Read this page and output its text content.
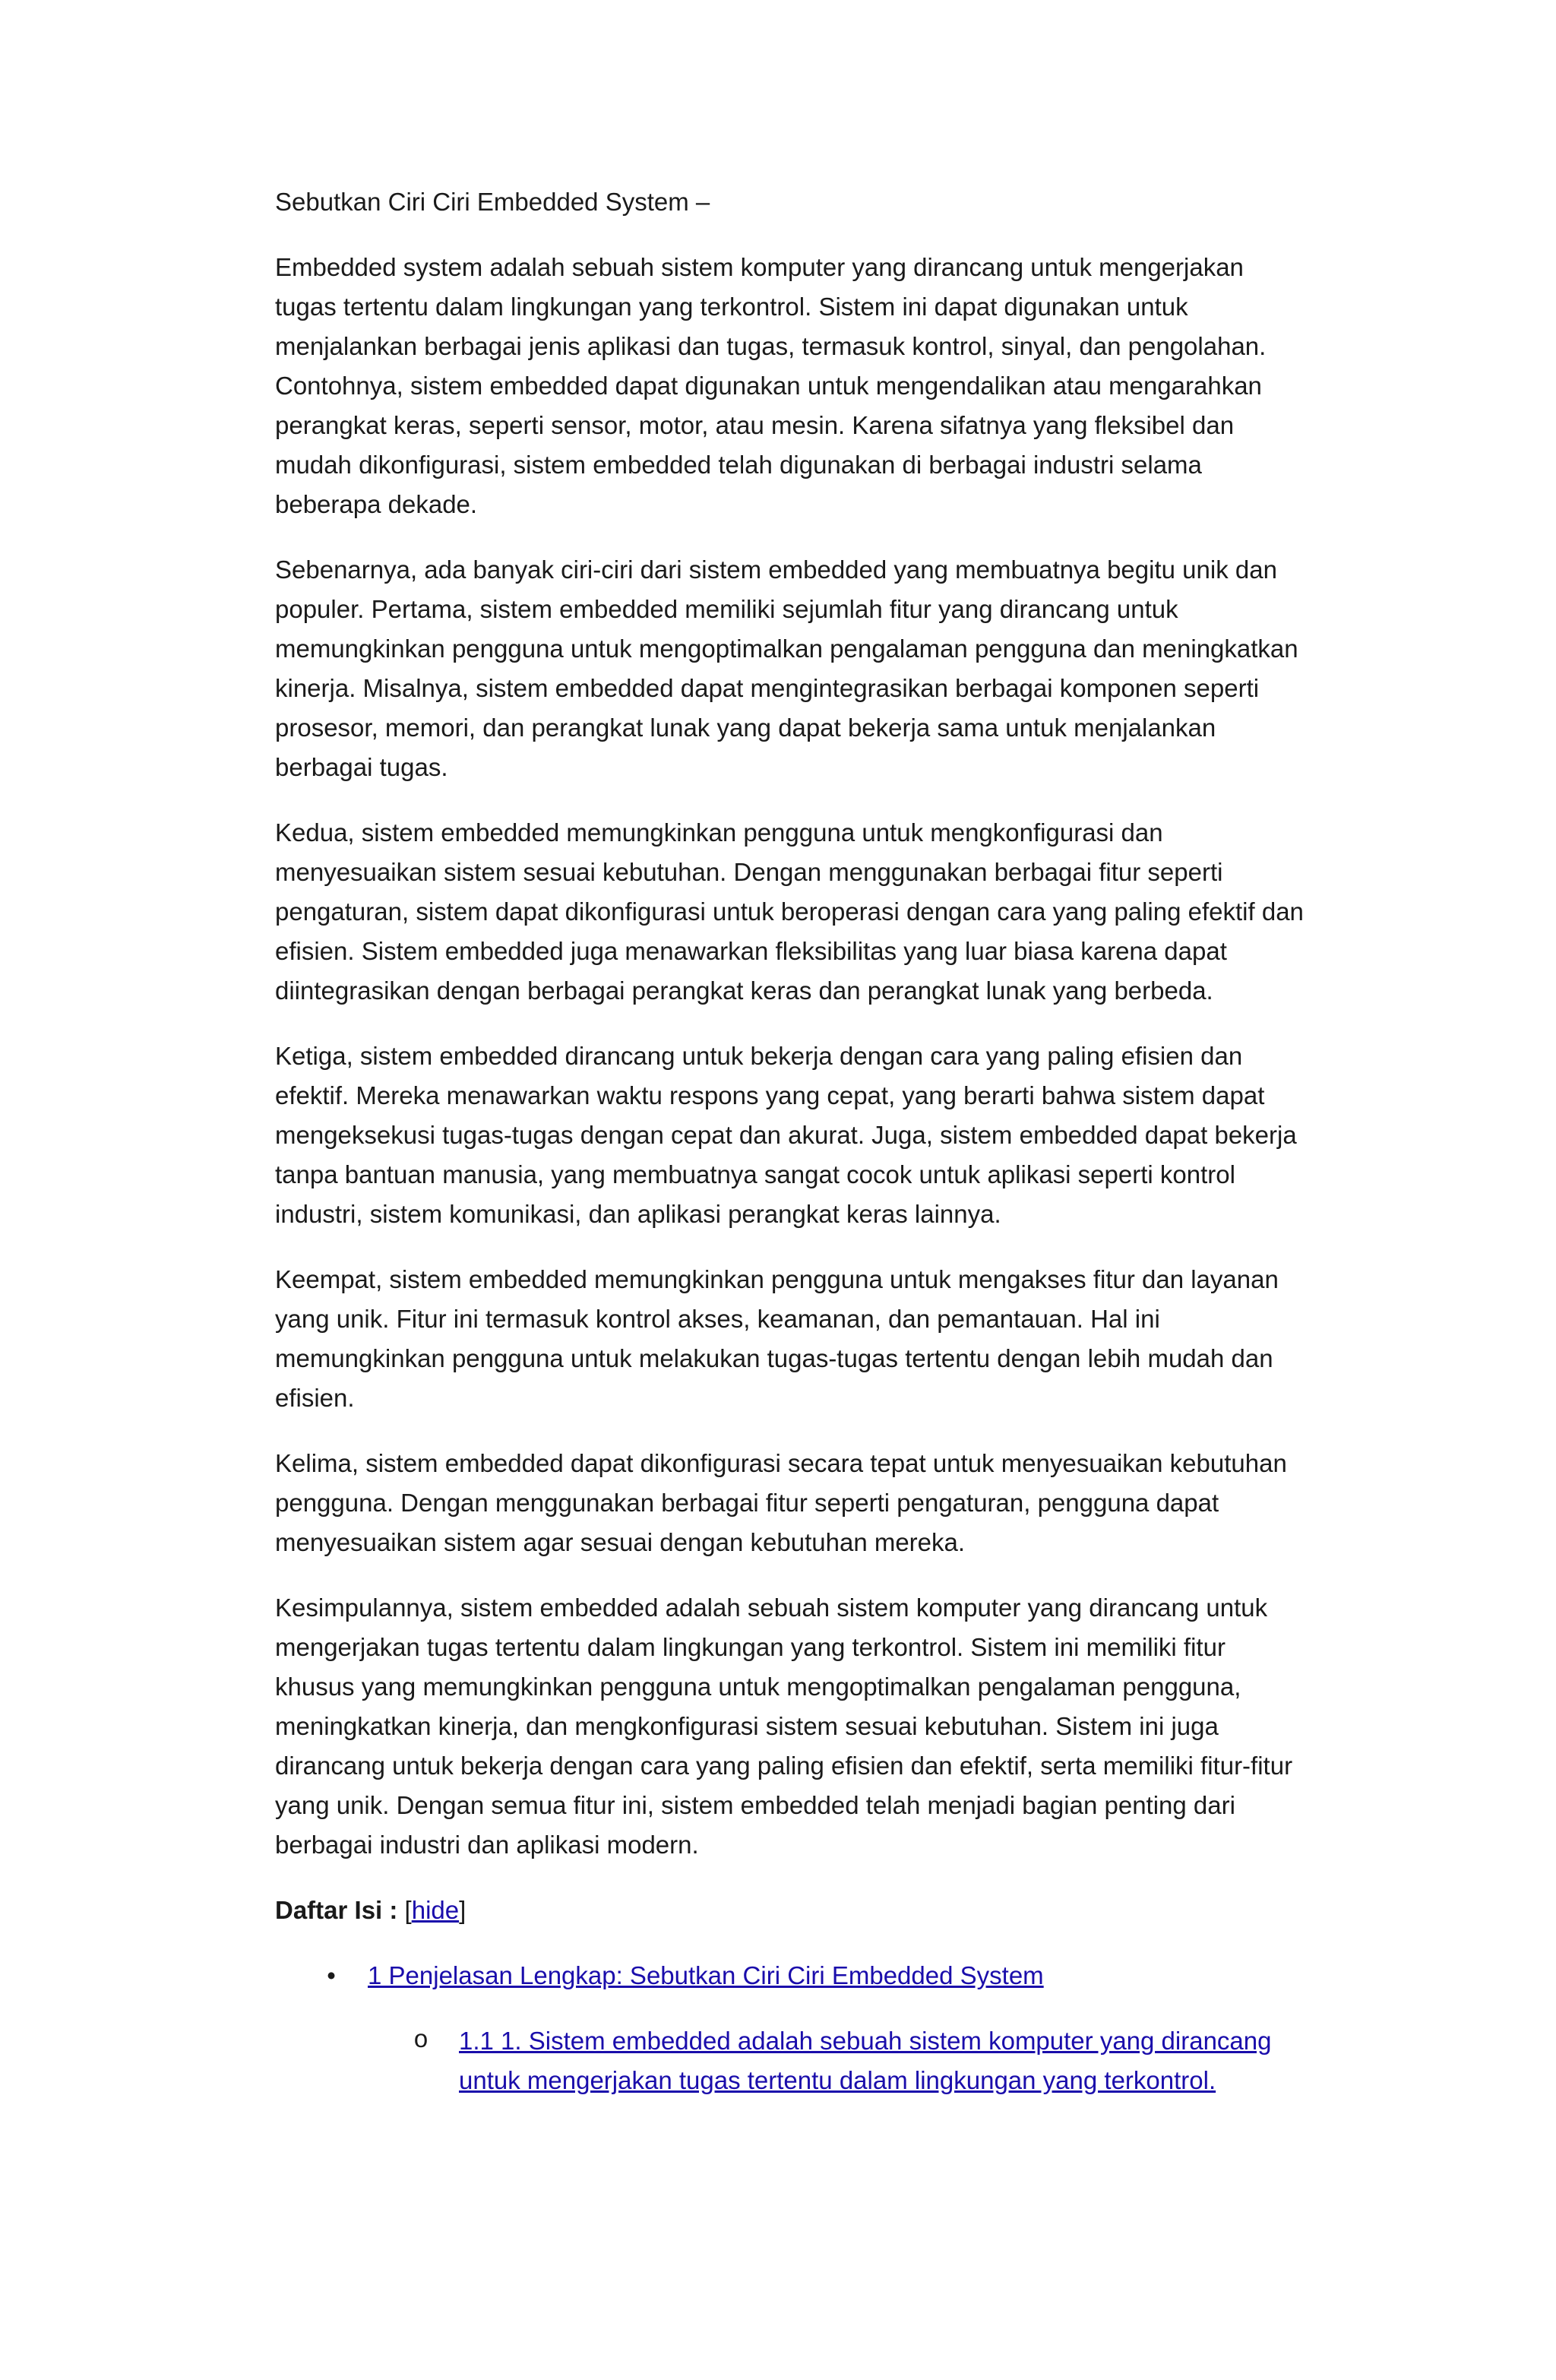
Sebutkan Ciri Ciri Embedded System –

Embedded system adalah sebuah sistem komputer yang dirancang untuk mengerjakan tugas tertentu dalam lingkungan yang terkontrol. Sistem ini dapat digunakan untuk menjalankan berbagai jenis aplikasi dan tugas, termasuk kontrol, sinyal, dan pengolahan. Contohnya, sistem embedded dapat digunakan untuk mengendalikan atau mengarahkan perangkat keras, seperti sensor, motor, atau mesin. Karena sifatnya yang fleksibel dan mudah dikonfigurasi, sistem embedded telah digunakan di berbagai industri selama beberapa dekade.

Sebenarnya, ada banyak ciri-ciri dari sistem embedded yang membuatnya begitu unik dan populer. Pertama, sistem embedded memiliki sejumlah fitur yang dirancang untuk memungkinkan pengguna untuk mengoptimalkan pengalaman pengguna dan meningkatkan kinerja. Misalnya, sistem embedded dapat mengintegrasikan berbagai komponen seperti prosesor, memori, dan perangkat lunak yang dapat bekerja sama untuk menjalankan berbagai tugas.

Kedua, sistem embedded memungkinkan pengguna untuk mengkonfigurasi dan menyesuaikan sistem sesuai kebutuhan. Dengan menggunakan berbagai fitur seperti pengaturan, sistem dapat dikonfigurasi untuk beroperasi dengan cara yang paling efektif dan efisien. Sistem embedded juga menawarkan fleksibilitas yang luar biasa karena dapat diintegrasikan dengan berbagai perangkat keras dan perangkat lunak yang berbeda.

Ketiga, sistem embedded dirancang untuk bekerja dengan cara yang paling efisien dan efektif. Mereka menawarkan waktu respons yang cepat, yang berarti bahwa sistem dapat mengeksekusi tugas-tugas dengan cepat dan akurat. Juga, sistem embedded dapat bekerja tanpa bantuan manusia, yang membuatnya sangat cocok untuk aplikasi seperti kontrol industri, sistem komunikasi, dan aplikasi perangkat keras lainnya.

Keempat, sistem embedded memungkinkan pengguna untuk mengakses fitur dan layanan yang unik. Fitur ini termasuk kontrol akses, keamanan, dan pemantauan. Hal ini memungkinkan pengguna untuk melakukan tugas-tugas tertentu dengan lebih mudah dan efisien.

Kelima, sistem embedded dapat dikonfigurasi secara tepat untuk menyesuaikan kebutuhan pengguna. Dengan menggunakan berbagai fitur seperti pengaturan, pengguna dapat menyesuaikan sistem agar sesuai dengan kebutuhan mereka.

Kesimpulannya, sistem embedded adalah sebuah sistem komputer yang dirancang untuk mengerjakan tugas tertentu dalam lingkungan yang terkontrol. Sistem ini memiliki fitur khusus yang memungkinkan pengguna untuk mengoptimalkan pengalaman pengguna, meningkatkan kinerja, dan mengkonfigurasi sistem sesuai kebutuhan. Sistem ini juga dirancang untuk bekerja dengan cara yang paling efisien dan efektif, serta memiliki fitur-fitur yang unik. Dengan semua fitur ini, sistem embedded telah menjadi bagian penting dari berbagai industri dan aplikasi modern.

Daftar Isi : [hide]
• 1 Penjelasan Lengkap: Sebutkan Ciri Ciri Embedded System
o 1.1 1. Sistem embedded adalah sebuah sistem komputer yang dirancang untuk mengerjakan tugas tertentu dalam lingkungan yang terkontrol.
